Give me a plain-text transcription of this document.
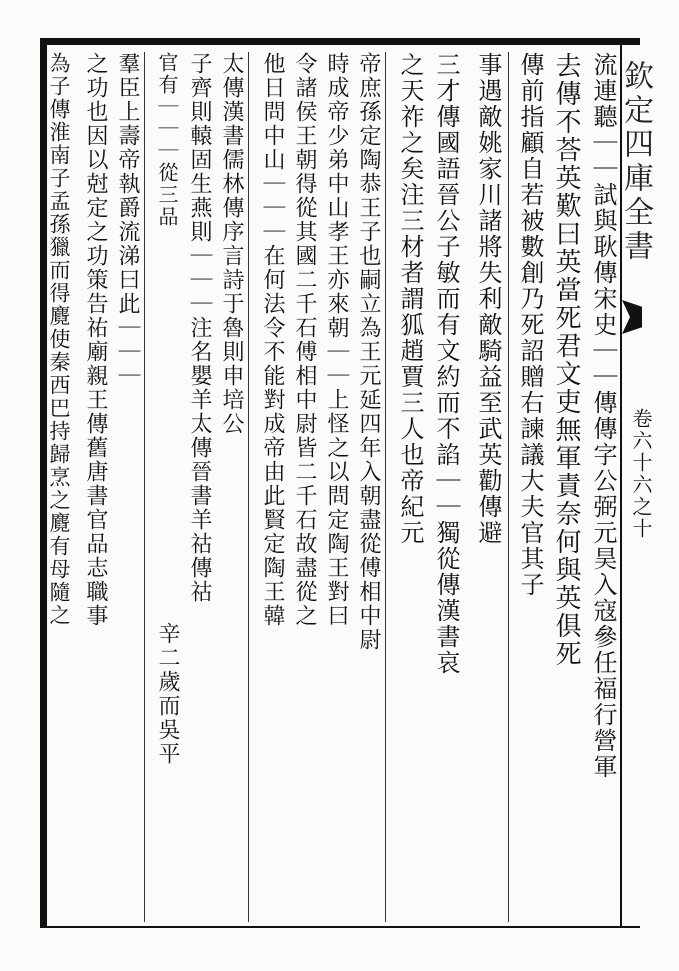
欽定四庫全書
卷六十六之十
去傳不荅英歎曰英當死君文吏無軍責奈何與英俱死
傳前指顧自若被數創乃死詔贈右諫議大夫官其子 流連聽｜｜試與耿傳宋史｜｜傳傳字公弼元昊入寇參任福行營軍
事遇敵姚家川諸將失利敵騎益至武英勸傳避
三才傳國語晉公子敏而有文約而不諂｜｜獨從傳漢書哀
之天祚之矣注三材者謂狐趙賈三人也帝紀元
帝庶孫定陶恭王子也嗣立為王元延四年入朝盡從傅相中尉
時成帝少弟中山孝王亦來朝｜｜上怪之以問定陶王對曰
令諸侯王朝得從其國二千石傅相中尉皆二千石故盡從之
他日問中山｜｜｜在何法令不能對成帝由此賢定陶王韓
太傳漢書儒林傳序言詩于魯則申培公
子齊則轅固生燕則｜｜｜注名嬰羊太傳晉書羊祜傳祜
辛二歲而吳平
羣臣上壽帝執爵流涕曰此｜｜｜
之功也因以尅定之功策告祐廟親王傳舊唐書官品志職事	官有｜｜｜從三品
為子傳淮南子孟孫獵而得麑使秦西巴持歸烹之麑有母隨之
